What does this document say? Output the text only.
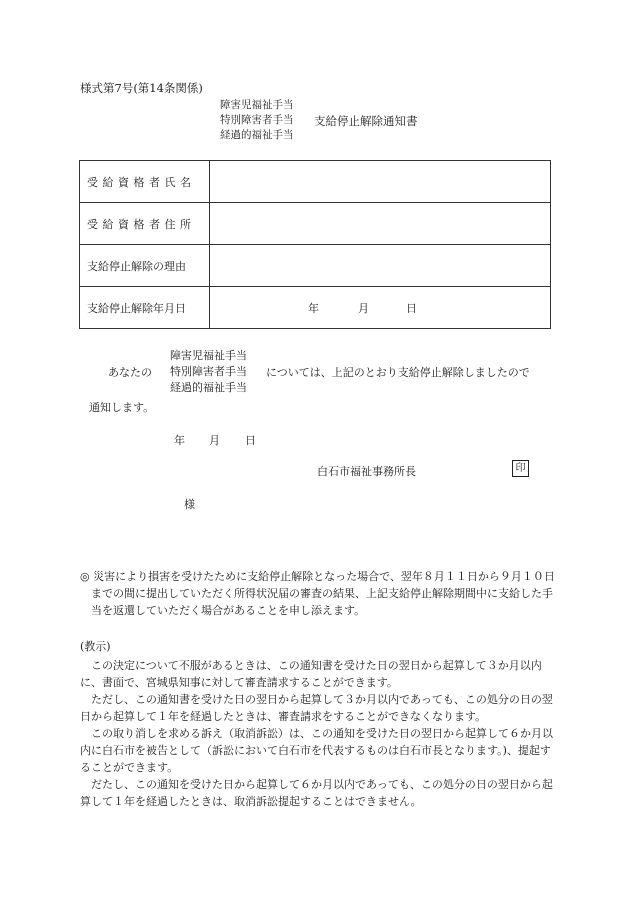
様式第7号(第14条関係)
障害児福祉手当
特別障害者手当
経過的福祉手当
支給停止解除通知書
受給資格者氏名	
受給資格者住所	
支給停止解除の理由	
支給停止解除年月日	年 月 日
障害児福祉手当
特別障害者手当
経過的福祉手当
あなたの	については、上記のとおり支給停止解除しましたので
通知します。
年 月 日
白石市福祉事務所長	印
様

◎ 災害により損害を受けたために支給停止解除となった場合で、翌年８月１１日から９月１０日までの間に提出していただく所得状況届の審査の結果、上記支給停止解除期間中に支給した手当を返還していただく場合があることを申し添えます。

(教示)

この決定について不服があるときは、この通知書を受けた日の翌日から起算して３か月以内に、書面で、宮城県知事に対して審査請求することができます。

ただし、この通知書を受けた日の翌日から起算して３か月以内であっても、この処分の日の翌日から起算して１年を経過したときは、審査請求をすることができなくなります。

この取り消しを求める訴え（取消訴訟）は、この通知を受けた日の翌日から起算して６か月以内に白石市を被告として（訴訟において白石市を代表するものは白石市長となります。)、提起することができます。

だたし、この通知を受けた日から起算して６か月以内であっても、この処分の日の翌日から起算して１年を経過したときは、取消訴訟提起することはできません。
